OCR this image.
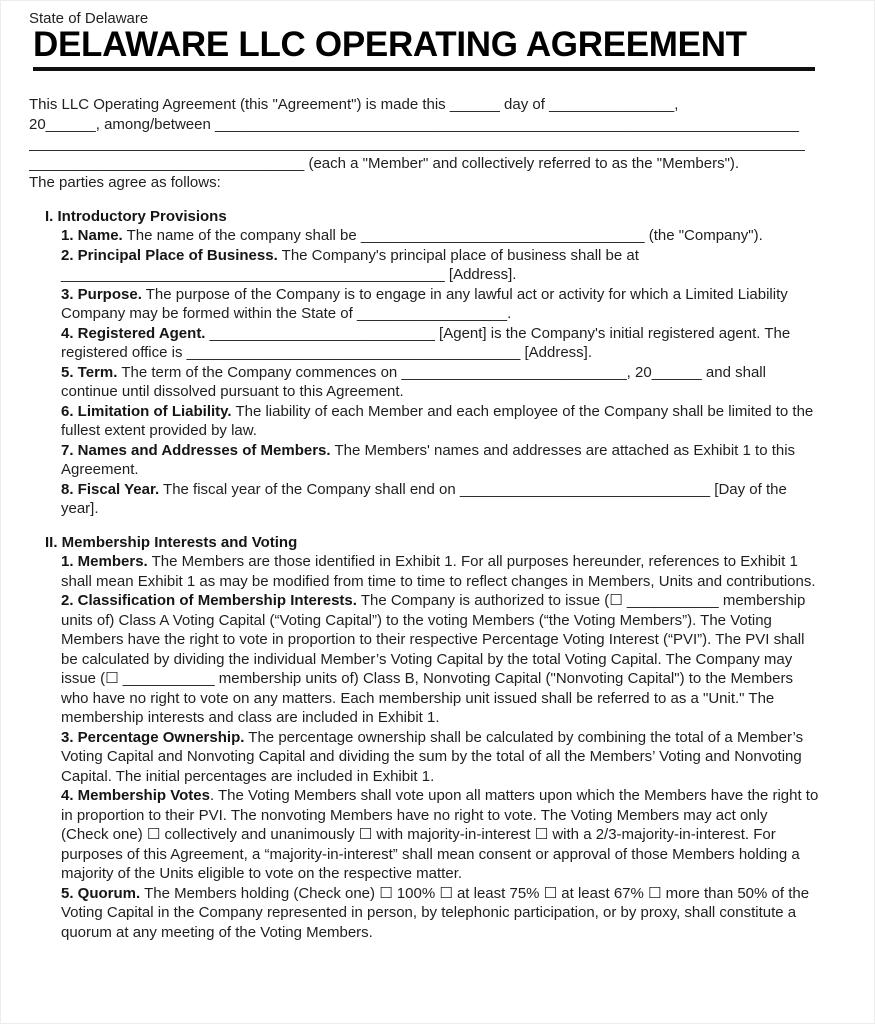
State of Delaware
DELAWARE LLC OPERATING AGREEMENT
This LLC Operating Agreement (this "Agreement") is made this ______ day of _______________,
20______, among/between ______________________________________________________________________
_____________________________________________________________________________________________
_________________________________ (each a "Member" and collectively referred to as the "Members").
The parties agree as follows:
I. Introductory Provisions

1. Name. The name of the company shall be __________________________________ (the "Company").

2. Principal Place of Business. The Company's principal place of business shall be at ______________________________________________ [Address].

3. Purpose. The purpose of the Company is to engage in any lawful act or activity for which a Limited Liability Company may be formed within the State of __________________.

4. Registered Agent. ___________________________ [Agent] is the Company's initial registered agent. The registered office is ________________________________________ [Address].

5. Term. The term of the Company commences on ___________________________, 20______ and shall continue until dissolved pursuant to this Agreement.

6. Limitation of Liability. The liability of each Member and each employee of the Company shall be limited to the fullest extent provided by law.

7. Names and Addresses of Members. The Members' names and addresses are attached as Exhibit 1 to this Agreement.

8. Fiscal Year. The fiscal year of the Company shall end on ______________________________ [Day of the year].

II. Membership Interests and Voting

1. Members. The Members are those identified in Exhibit 1. For all purposes hereunder, references to Exhibit 1 shall mean Exhibit 1 as may be modified from time to time to reflect changes in Members, Units and contributions.

2. Classification of Membership Interests. The Company is authorized to issue (☐ ___________ membership units of) Class A Voting Capital (“Voting Capital”) to the voting Members (“the Voting Members”). The Voting Members have the right to vote in proportion to their respective Percentage Voting Interest (“PVI”). The PVI shall be calculated by dividing the individual Member’s Voting Capital by the total Voting Capital. The Company may issue (☐ ___________ membership units of) Class B, Nonvoting Capital ("Nonvoting Capital") to the Members who have no right to vote on any matters. Each membership unit issued shall be referred to as a "Unit." The membership interests and class are included in Exhibit 1.

3. Percentage Ownership. The percentage ownership shall be calculated by combining the total of a Member’s Voting Capital and Nonvoting Capital and dividing the sum by the total of all the Members’ Voting and Nonvoting Capital. The initial percentages are included in Exhibit 1.

4. Membership Votes. The Voting Members shall vote upon all matters upon which the Members have the right to in proportion to their PVI. The nonvoting Members have no right to vote. The Voting Members may act only (Check one) ☐ collectively and unanimously ☐ with majority-in-interest ☐ with a 2/3-majority-in-interest. For purposes of this Agreement, a “majority-in-interest” shall mean consent or approval of those Members holding a majority of the Units eligible to vote on the respective matter.

5. Quorum. The Members holding (Check one) ☐ 100% ☐ at least 75% ☐ at least 67% ☐ more than 50% of the Voting Capital in the Company represented in person, by telephonic participation, or by proxy, shall constitute a quorum at any meeting of the Voting Members.
